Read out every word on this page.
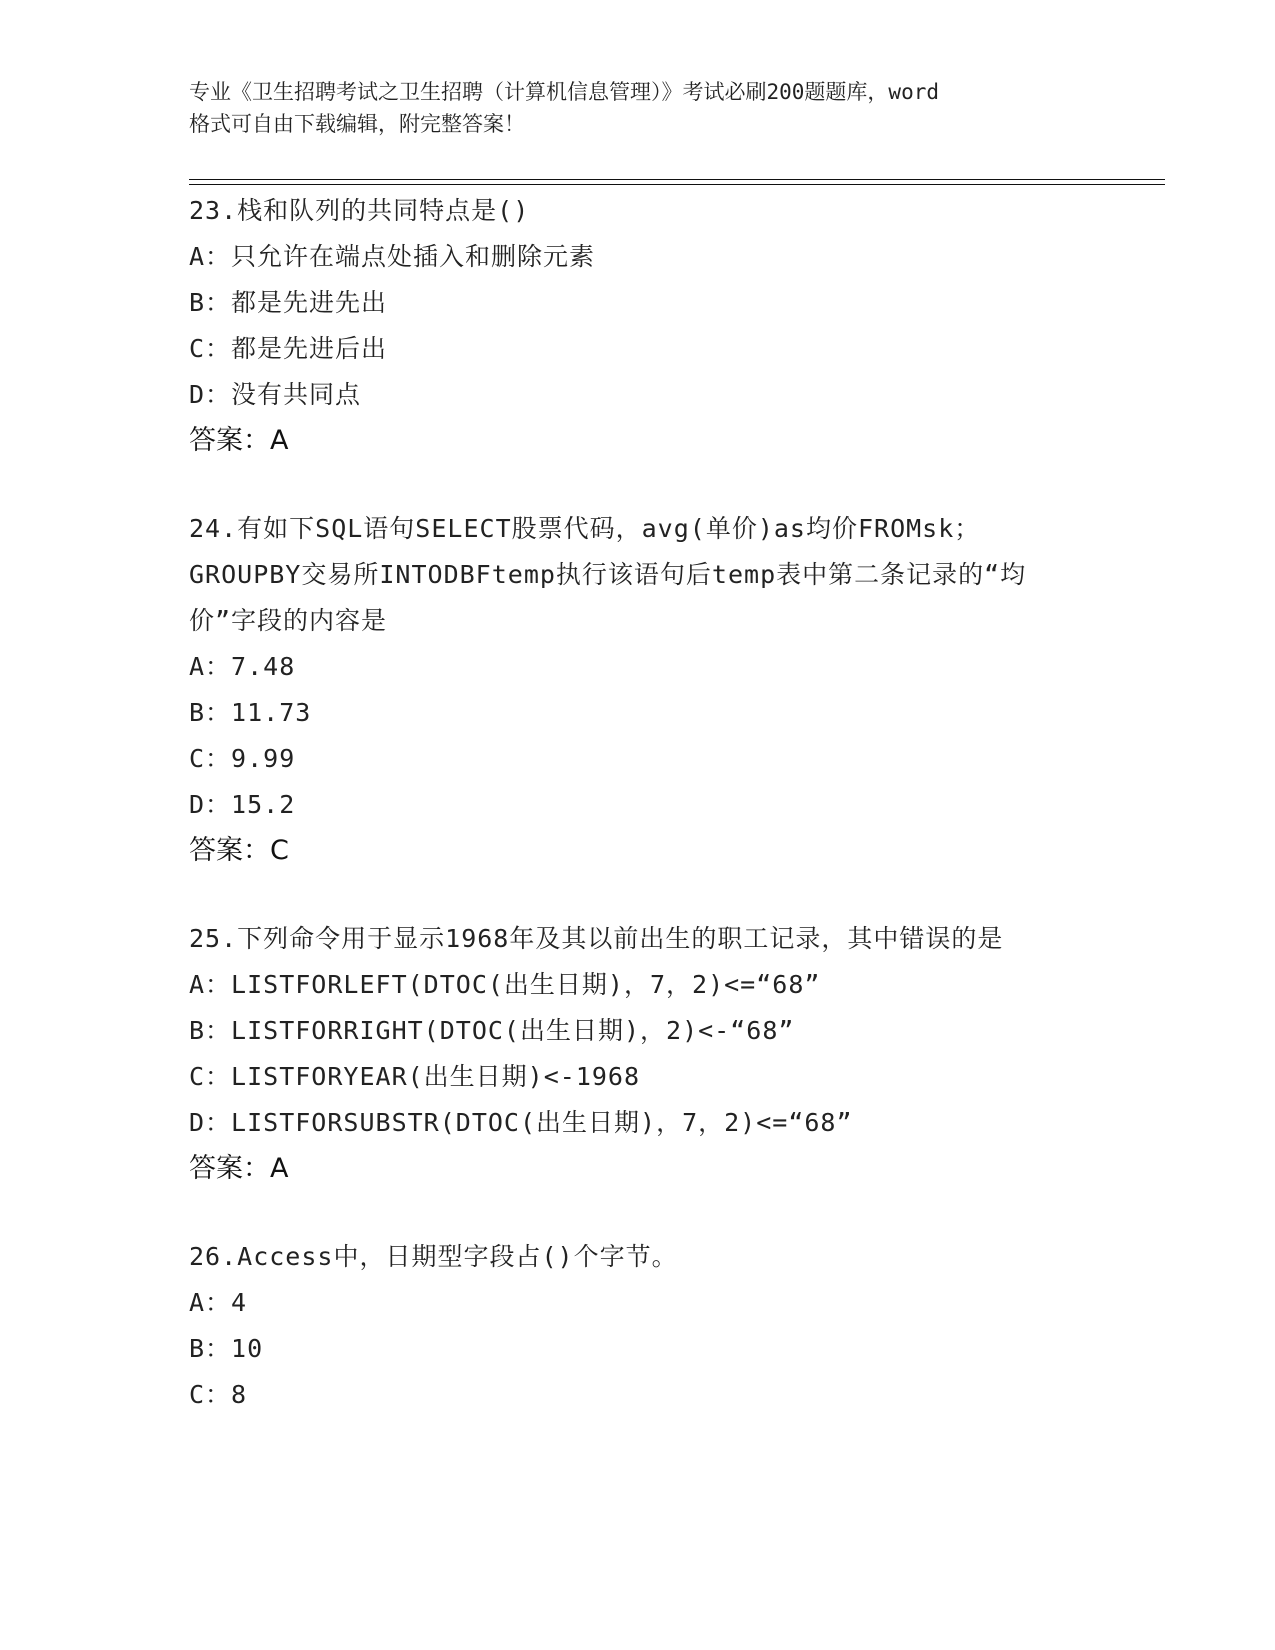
专业《卫生招聘考试之卫生招聘（计算机信息管理）》考试必刷200题题库，word
格式可自由下载编辑，附完整答案！
23.栈和队列的共同特点是()
A：只允许在端点处插入和删除元素
B：都是先进先出
C：都是先进后出
D：没有共同点
答案：A
24.有如下SQL语句SELECT股票代码，avg(单价)as均价FROMsk；GROUPBY交易所INTODBFtemp执行该语句后temp表中第二条记录的“均价”字段的内容是
A：7.48
B：11.73
C：9.99
D：15.2
答案：C
25.下列命令用于显示1968年及其以前出生的职工记录，其中错误的是
A：LISTFORLEFT(DTOC(出生日期)，7，2)<=“68”
B：LISTFORRIGHT(DTOC(出生日期)，2)<-“68”
C：LISTFORYEAR(出生日期)<-1968
D：LISTFORSUBSTR(DTOC(出生日期)，7，2)<=“68”
答案：A
26.Access中，日期型字段占()个字节。
A：4
B：10
C：8
